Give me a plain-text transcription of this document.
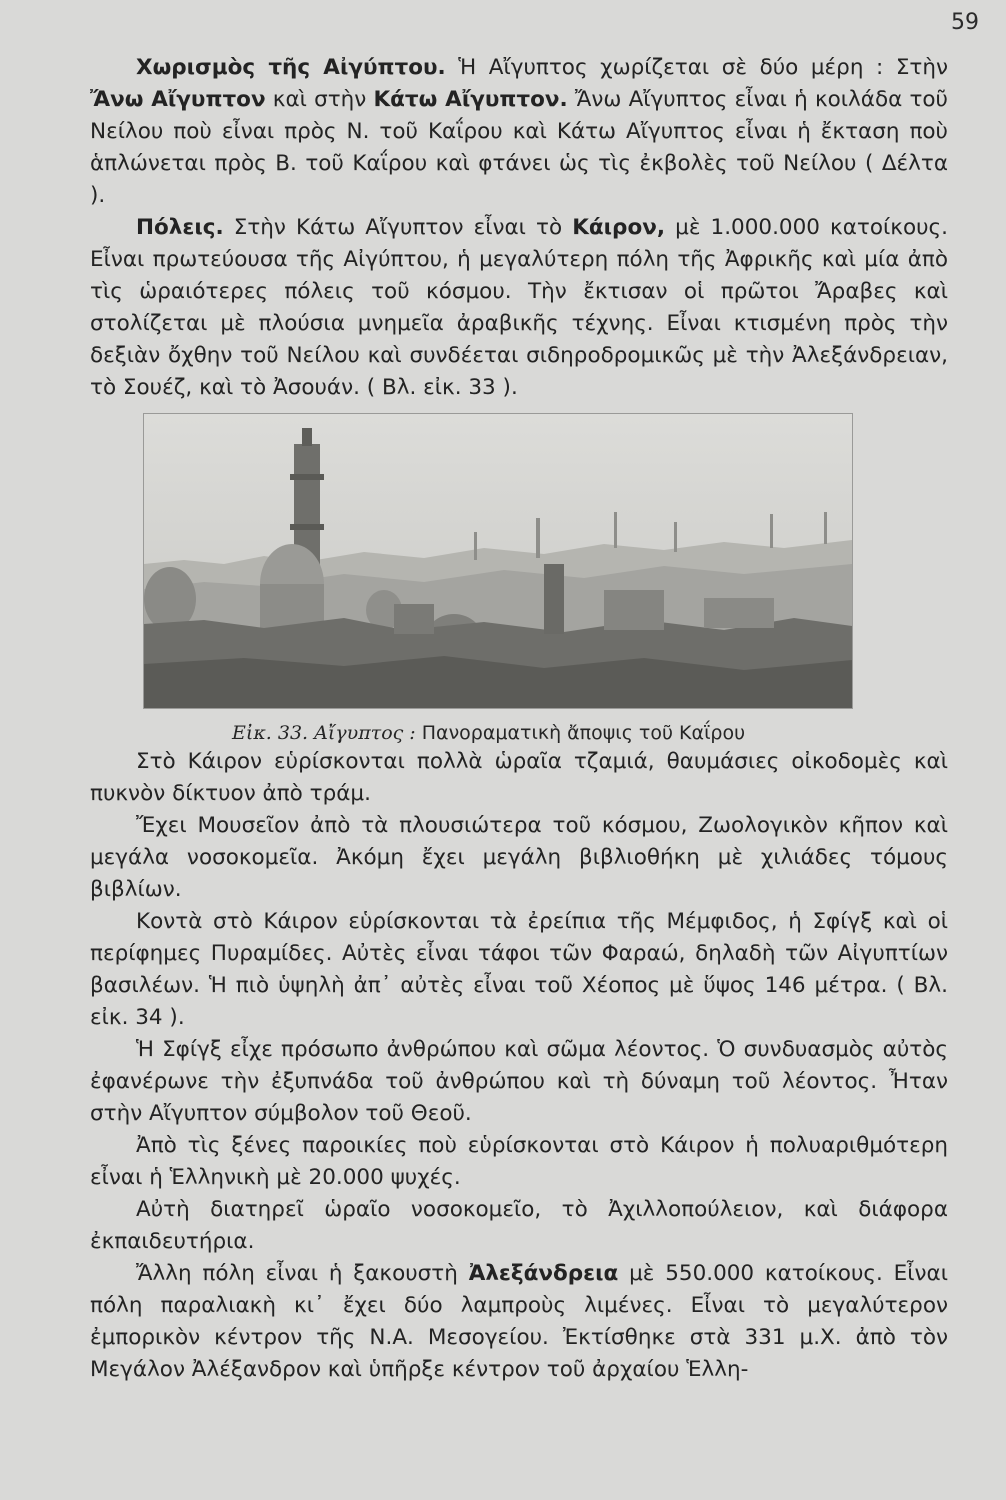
59

Χωρισμὸς τῆς Αἰγύπτου. Ἡ Αἴγυπτος χωρίζεται σὲ δύο μέρη : Στὴν Ἄνω Αἴγυπτον καὶ στὴν Κάτω Αἴγυπτον. Ἄνω Αἴγυπτος εἶναι ἡ κοιλάδα τοῦ Νείλου ποὺ εἶναι πρὸς Ν. τοῦ Καΐρου καὶ Κάτω Αἴγυπτος εἶναι ἡ ἔκταση ποὺ ἁπλώνεται πρὸς Β. τοῦ Καΐρου καὶ φτάνει ὡς τὶς ἐκβολὲς τοῦ Νείλου ( Δέλτα ).

Πόλεις. Στὴν Κάτω Αἴγυπτον εἶναι τὸ Κάιρον, μὲ 1.000.000 κατοίκους. Εἶναι πρωτεύουσα τῆς Αἰγύπτου, ἡ μεγαλύτερη πόλη τῆς Ἀφρικῆς καὶ μία ἀπὸ τὶς ὡραιότερες πόλεις τοῦ κόσμου. Τὴν ἔκτισαν οἱ πρῶτοι Ἄραβες καὶ στολίζεται μὲ πλούσια μνημεῖα ἀραβικῆς τέχνης. Εἶναι κτισμένη πρὸς τὴν δεξιὰν ὄχθην τοῦ Νείλου καὶ συνδέεται σιδηροδρομικῶς μὲ τὴν Ἀλεξάνδρειαν, τὸ Σουέζ, καὶ τὸ Ἀσουάν. ( Βλ. εἰκ. 33 ).

Εἰκ. 33. Αἴγυπτος : Πανοραματικὴ ἄποψις τοῦ Καΐρου

Στὸ Κάιρον εὑρίσκονται πολλὰ ὡραῖα τζαμιά, θαυμάσιες οἰκοδομὲς καὶ πυκνὸν δίκτυον ἀπὸ τράμ.

Ἔχει Μουσεῖον ἀπὸ τὰ πλουσιώτερα τοῦ κόσμου, Ζωολογικὸν κῆπον καὶ μεγάλα νοσοκομεῖα. Ἀκόμη ἔχει μεγάλη βιβλιοθήκη μὲ χιλιάδες τόμους βιβλίων.

Κοντὰ στὸ Κάιρον εὑρίσκονται τὰ ἐρείπια τῆς Μέμφιδος, ἡ Σφίγξ καὶ οἱ περίφημες Πυραμίδες. Αὐτὲς εἶναι τάφοι τῶν Φαραώ, δηλαδὴ τῶν Αἰγυπτίων βασιλέων. Ἡ πιὸ ὑψηλὴ ἀπ᾽ αὐτὲς εἶναι τοῦ Χέοπος μὲ ὕψος 146 μέτρα. ( Βλ. εἰκ. 34 ).

Ἡ Σφίγξ εἶχε πρόσωπο ἀνθρώπου καὶ σῶμα λέοντος. Ὁ συνδυασμὸς αὐτὸς ἐφανέρωνε τὴν ἐξυπνάδα τοῦ ἀνθρώπου καὶ τὴ δύναμη τοῦ λέοντος. Ἦταν στὴν Αἴγυπτον σύμβολον τοῦ Θεοῦ.

Ἀπὸ τὶς ξένες παροικίες ποὺ εὑρίσκονται στὸ Κάιρον ἡ πολυαριθμότερη εἶναι ἡ Ἑλληνικὴ μὲ 20.000 ψυχές.

Αὐτὴ διατηρεῖ ὡραῖο νοσοκομεῖο, τὸ Ἀχιλλοπούλειον, καὶ διάφορα ἐκπαιδευτήρια.

Ἄλλη πόλη εἶναι ἡ ξακουστὴ Ἀλεξάνδρεια μὲ 550.000 κατοίκους. Εἶναι πόλη παραλιακὴ κι᾽ ἔχει δύο λαμπροὺς λιμένες. Εἶναι τὸ μεγαλύτερον ἐμπορικὸν κέντρον τῆς Ν.Α. Μεσογείου. Ἐκτίσθηκε στὰ 331 μ.Χ. ἀπὸ τὸν Μεγάλον Ἀλέξανδρον καὶ ὑπῆρξε κέντρον τοῦ ἀρχαίου Ἑλλη-
